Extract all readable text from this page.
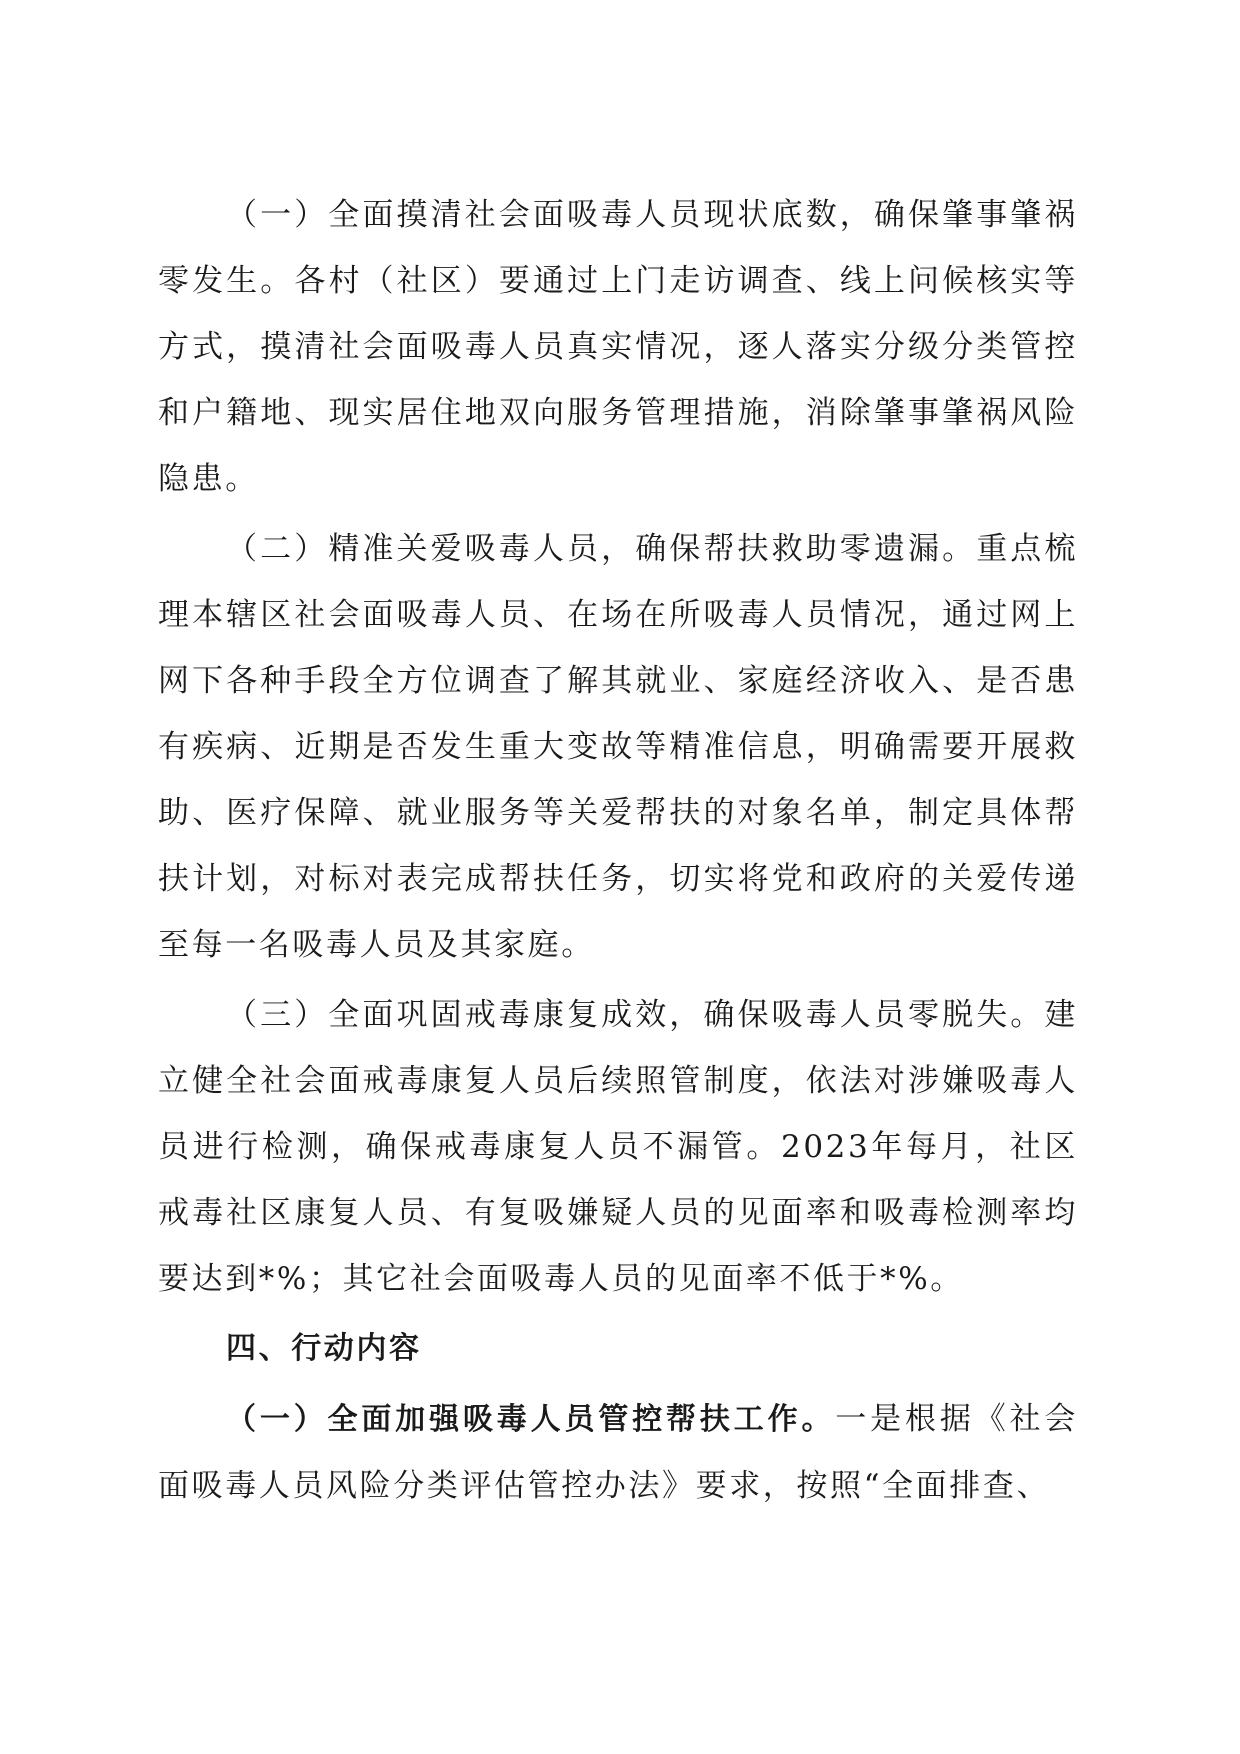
（一）全面摸清社会面吸毒人员现状底数，确保肇事肇祸零发生。各村（社区）要通过上门走访调查、线上问候核实等方式，摸清社会面吸毒人员真实情况，逐人落实分级分类管控和户籍地、现实居住地双向服务管理措施，消除肇事肇祸风险隐患。

（二）精准关爱吸毒人员，确保帮扶救助零遗漏。重点梳理本辖区社会面吸毒人员、在场在所吸毒人员情况，通过网上网下各种手段全方位调查了解其就业、家庭经济收入、是否患有疾病、近期是否发生重大变故等精准信息，明确需要开展救助、医疗保障、就业服务等关爱帮扶的对象名单，制定具体帮扶计划，对标对表完成帮扶任务，切实将党和政府的关爱传递至每一名吸毒人员及其家庭。

（三）全面巩固戒毒康复成效，确保吸毒人员零脱失。建立健全社会面戒毒康复人员后续照管制度，依法对涉嫌吸毒人员进行检测，确保戒毒康复人员不漏管。2023年每月，社区戒毒社区康复人员、有复吸嫌疑人员的见面率和吸毒检测率均要达到*%；其它社会面吸毒人员的见面率不低于*%。

四、行动内容

（一）全面加强吸毒人员管控帮扶工作。一是根据《社会面吸毒人员风险分类评估管控办法》要求，按照“全面排查、
